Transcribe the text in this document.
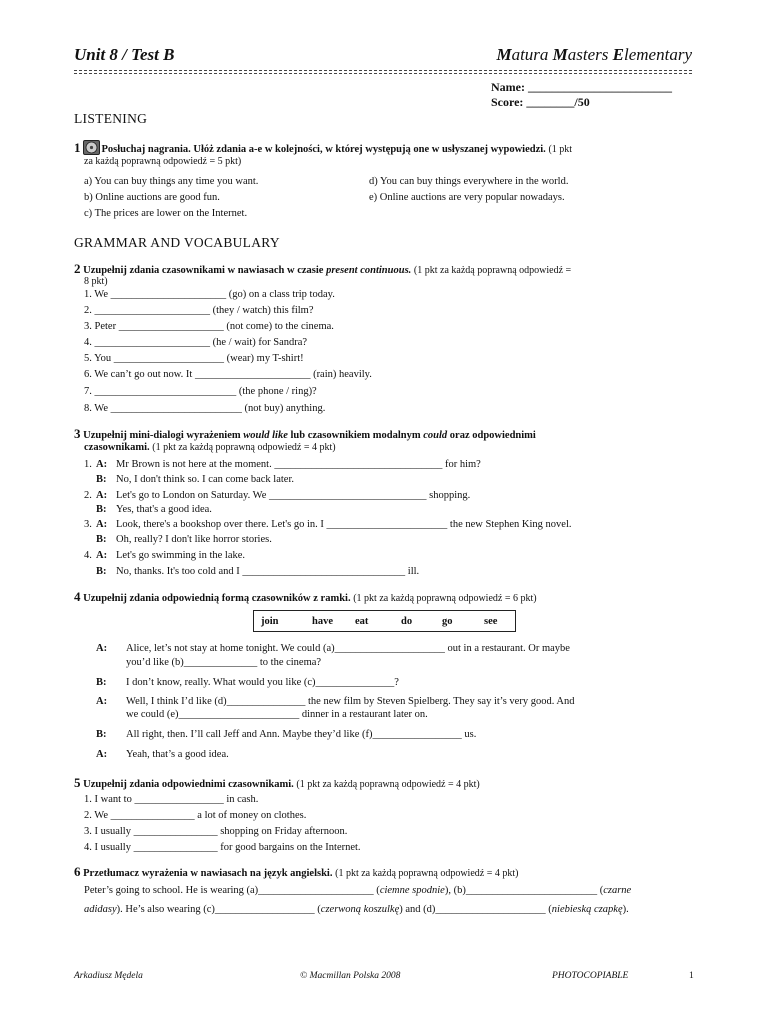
Unit 8 / Test B	Matura Masters Elementary
Name: ________________________
Score: ________/50
LISTENING
1 Posłuchaj nagrania. Ułóż zdania a-e w kolejności, w której występują one w usłyszanej wypowiedzi. (1 pkt
za każdą poprawną odpowiedź = 5 pkt)
a) You can buy things any time you want.
b) Online auctions are good fun.
c) The prices are lower on the Internet.
d) You can buy things everywhere in the world.
e) Online auctions are very popular nowadays.
GRAMMAR AND VOCABULARY
2 Uzupełnij zdania czasownikami w nawiasach w czasie present continuous. (1 pkt za każdą poprawną odpowiedź =
8 pkt)
1. We ______________________ (go) on a class trip today.
2. ______________________ (they / watch) this film?
3. Peter ____________________ (not come) to the cinema.
4. ______________________ (he / wait) for Sandra?
5. You _____________________ (wear) my T-shirt!
6. We can’t go out now. It ______________________ (rain) heavily.
7. ___________________________ (the phone / ring)?
8. We _________________________ (not buy) anything.
3 Uzupełnij mini-dialogi wyrażeniem would like lub czasownikiem modalnym could oraz odpowiednimi
czasownikami. (1 pkt za każdą poprawną odpowiedź = 4 pkt)
1. A: Mr Brown is not here at the moment. ________________________________ for him?
B: No, I don't think so. I can come back later.
2. A: Let's go to London on Saturday. We ______________________________ shopping.
B: Yes, that's a good idea.
3. A: Look, there's a bookshop over there. Let's go in. I _______________________ the new Stephen King novel.
B: Oh, really? I don't like horror stories.
4. A: Let's go swimming in the lake.
B: No, thanks. It's too cold and I _______________________________ ill.
4 Uzupełnij zdania odpowiednią formą czasowników z ramki. (1 pkt za każdą poprawną odpowiedź = 6 pkt)
join	have eat	do	go	see
A: Alice, let’s not stay at home tonight. We could (a)_____________________ out in a restaurant. Or maybe
you’d like (b)______________ to the cinema?
B: I don’t know, really. What would you like (c)_______________?
A: Well, I think I’d like (d)_______________ the new film by Steven Spielberg. They say it’s very good. And
we could (e)_______________________ dinner in a restaurant later on.
B: All right, then. I’ll call Jeff and Ann. Maybe they’d like (f)_________________ us.
A: Yeah, that’s a good idea.
5 Uzupełnij zdania odpowiednimi czasownikami. (1 pkt za każdą poprawną odpowiedź = 4 pkt)
1. I want to _________________ in cash.
2. We ________________ a lot of money on clothes.
3. I usually ________________ shopping on Friday afternoon.
4. I usually ________________ for good bargains on the Internet.
6 Przetłumacz wyrażenia w nawiasach na język angielski. (1 pkt za każdą poprawną odpowiedź = 4 pkt)
Peter’s going to school. He is wearing (a)______________________ (ciemne spodnie), (b)_________________________ (czarne
adidasy). He’s also wearing (c)___________________ (czerwoną koszulkę) and (d)_____________________ (niebieską czapkę).
Arkadiusz Mędela	© Macmillan Polska 2008	PHOTOCOPIABLE	1
